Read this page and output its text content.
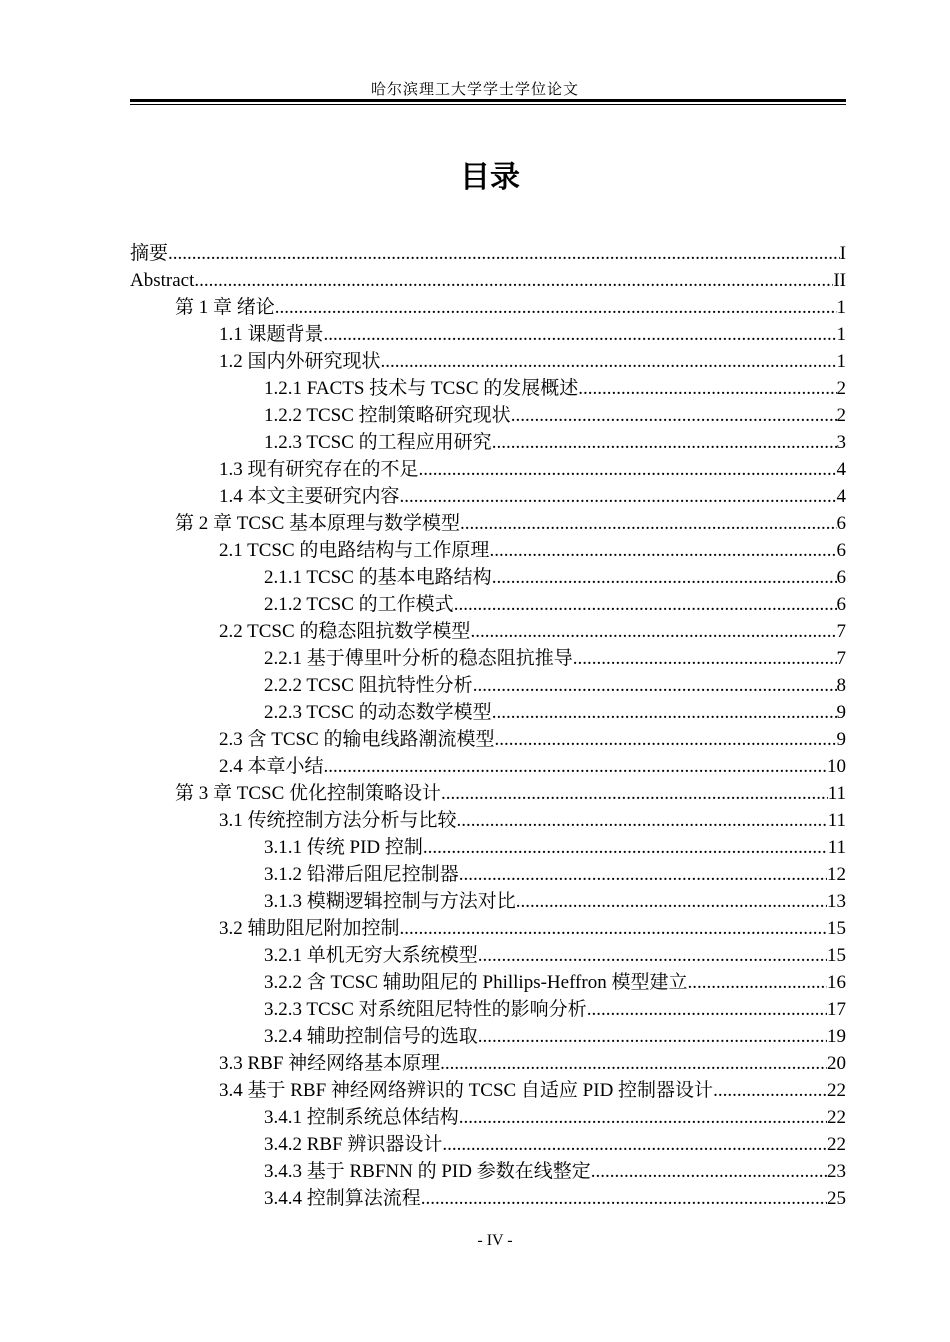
哈尔滨理工大学学士学位论文
目录
摘要 .....	I
Abstract .....	II
第 1 章 绪论 .....	1
1.1 课题背景 .....	1
1.2 国内外研究现状 .....	1
1.2.1 FACTS 技术与 TCSC 的发展概述 .....	2
1.2.2 TCSC 控制策略研究现状 .....	2
1.2.3 TCSC 的工程应用研究 .....	3
1.3 现有研究存在的不足 .....	4
1.4 本文主要研究内容 .....	4
第 2 章 TCSC 基本原理与数学模型 .....	6
2.1 TCSC 的电路结构与工作原理 .....	6
2.1.1 TCSC 的基本电路结构 .....	6
2.1.2 TCSC 的工作模式 .....	6
2.2 TCSC 的稳态阻抗数学模型 .....	7
2.2.1 基于傅里叶分析的稳态阻抗推导 .....	7
2.2.2 TCSC 阻抗特性分析 .....	8
2.2.3 TCSC 的动态数学模型 .....	9
2.3 含 TCSC 的输电线路潮流模型 .....	9
2.4 本章小结 .....	10
第 3 章 TCSC 优化控制策略设计 .....	11
3.1 传统控制方法分析与比较 .....	11
3.1.1 传统 PID 控制 .....	11
3.1.2 铅滞后阻尼控制器 .....	12
3.1.3 模糊逻辑控制与方法对比 .....	13
3.2 辅助阻尼附加控制 .....	15
3.2.1 单机无穷大系统模型 .....	15
3.2.2 含 TCSC 辅助阻尼的 Phillips-Heffron 模型建立 .....	16
3.2.3 TCSC 对系统阻尼特性的影响分析 .....	17
3.2.4 辅助控制信号的选取 .....	19
3.3 RBF 神经网络基本原理 .....	20
3.4 基于 RBF 神经网络辨识的 TCSC 自适应 PID 控制器设计 .....	22
3.4.1 控制系统总体结构 .....	22
3.4.2 RBF 辨识器设计 .....	22
3.4.3 基于 RBFNN 的 PID 参数在线整定 .....	23
3.4.4 控制算法流程 .....	25
- IV -
